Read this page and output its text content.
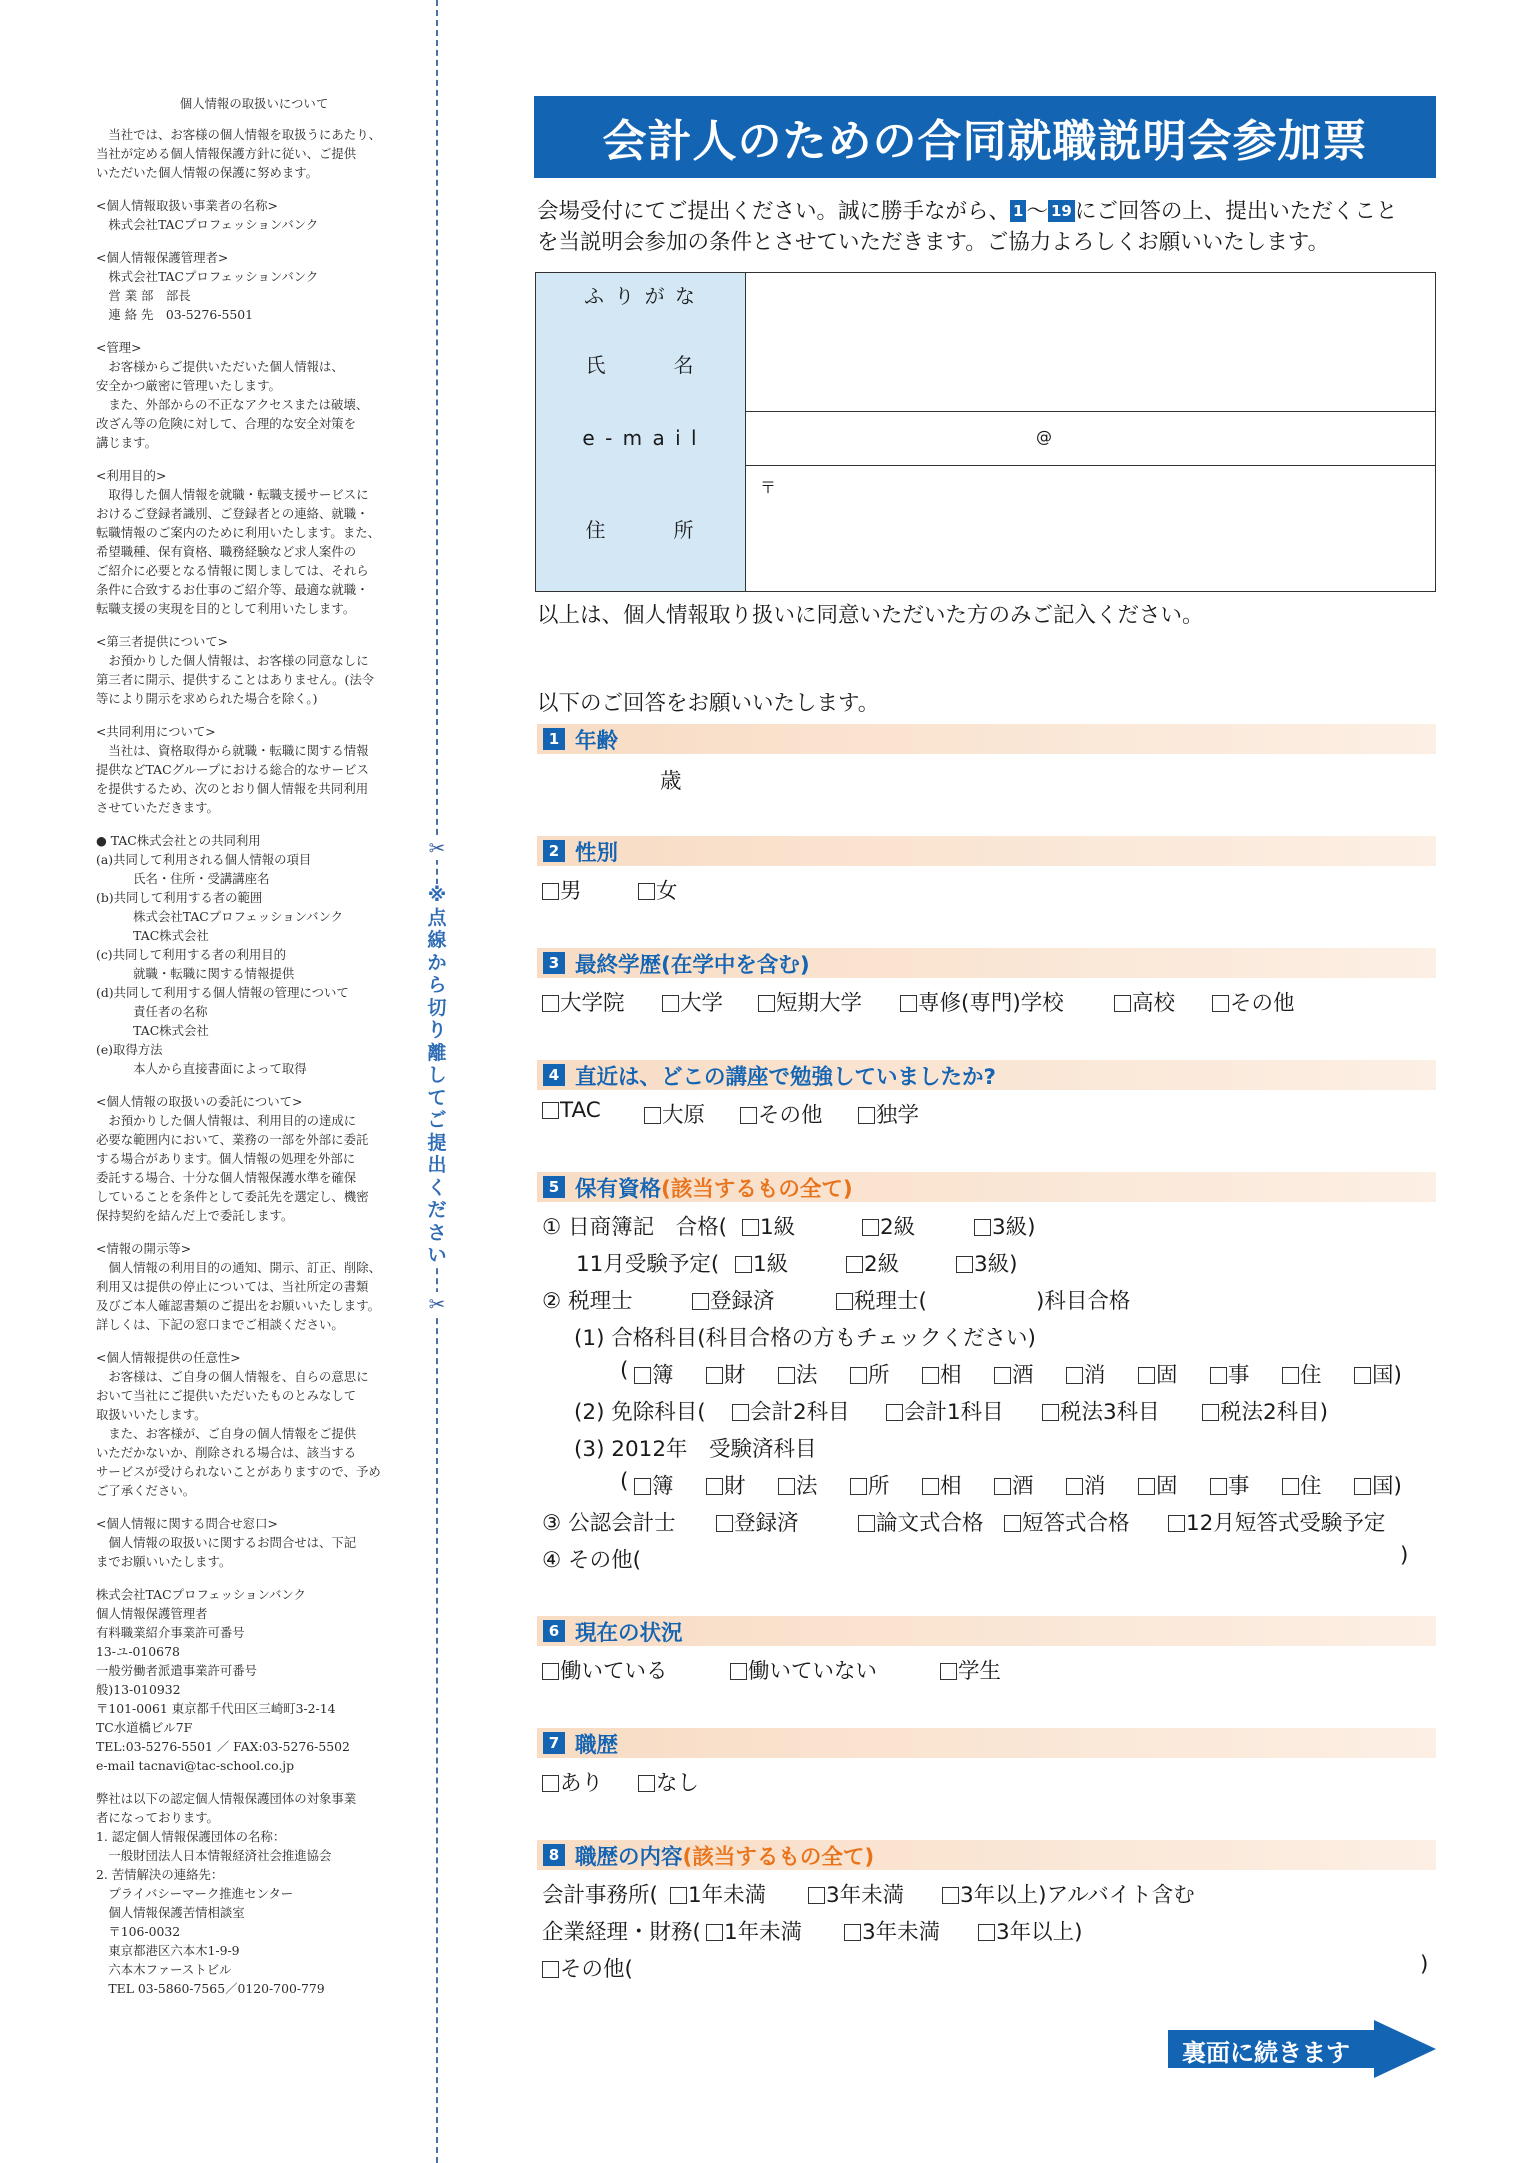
個人情報の取扱いについて
　当社では、お客様の個人情報を取扱うにあたり、
当社が定める個人情報保護方針に従い、ご提供
いただいた個人情報の保護に努めます。
<個人情報取扱い事業者の名称>
　株式会社TACプロフェッションバンク
<個人情報保護管理者>
　株式会社TACプロフェッションバンク
　営 業 部　部長
　連 絡 先　03-5276-5501
<管理>
　お客様からご提供いただいた個人情報は、
安全かつ厳密に管理いたします。
　また、外部からの不正なアクセスまたは破壊、
改ざん等の危険に対して、合理的な安全対策を
講じます。
<利用目的>
　取得した個人情報を就職・転職支援サービスに
おけるご登録者識別、ご登録者との連絡、就職・
転職情報のご案内のために利用いたします。また、
希望職種、保有資格、職務経験など求人案件の
ご紹介に必要となる情報に関しましては、それら
条件に合致するお仕事のご紹介等、最適な就職・
転職支援の実現を目的として利用いたします。
<第三者提供について>
　お預かりした個人情報は、お客様の同意なしに
第三者に開示、提供することはありません。(法令
等により開示を求められた場合を除く。)
<共同利用について>
　当社は、資格取得から就職・転職に関する情報
提供などTACグループにおける総合的なサービス
を提供するため、次のとおり個人情報を共同利用
させていただきます。
● TAC株式会社との共同利用
(a)共同して利用される個人情報の項目
　　　氏名・住所・受講講座名
(b)共同して利用する者の範囲
　　　株式会社TACプロフェッションバンク
　　　TAC株式会社
(c)共同して利用する者の利用目的
　　　就職・転職に関する情報提供
(d)共同して利用する個人情報の管理について
　　　責任者の名称
　　　TAC株式会社
(e)取得方法
　　　本人から直接書面によって取得
<個人情報の取扱いの委託について>
　お預かりした個人情報は、利用目的の達成に
必要な範囲内において、業務の一部を外部に委託
する場合があります。個人情報の処理を外部に
委託する場合、十分な個人情報保護水準を確保
していることを条件として委託先を選定し、機密
保持契約を結んだ上で委託します。
<情報の開示等>
　個人情報の利用目的の通知、開示、訂正、削除、
利用又は提供の停止については、当社所定の書類
及びご本人確認書類のご提出をお願いいたします。
詳しくは、下記の窓口までご相談ください。
<個人情報提供の任意性>
　お客様は、ご自身の個人情報を、自らの意思に
おいて当社にご提供いただいたものとみなして
取扱いいたします。
　また、お客様が、ご自身の個人情報をご提供
いただかないか、削除される場合は、該当する
サービスが受けられないことがありますので、予め
ご了承ください。
<個人情報に関する問合せ窓口>
　個人情報の取扱いに関するお問合せは、下記
までお願いいたします。
株式会社TACプロフェッションバンク
個人情報保護管理者
有料職業紹介事業許可番号
13-ユ-010678
一般労働者派遣事業許可番号
般)13-010932
〒101-0061 東京都千代田区三崎町3-2-14
TC水道橋ビル7F
TEL:03-5276-5501 ／ FAX:03-5276-5502
e-mail tacnavi@tac-school.co.jp
弊社は以下の認定個人情報保護団体の対象事業
者になっております。
1. 認定個人情報保護団体の名称：
　一般財団法人日本情報経済社会推進協会
2. 苦情解決の連絡先：
　プライバシーマーク推進センター
　個人情報保護苦情相談室
　〒106-0032
　東京都港区六本木1-9-9
　六本木ファーストビル
　TEL 03-5860-7565／0120-700-779
✂
✂
※
点
線
か
ら
切
り
離
し
て
ご
提
出
く
だ
さ
い
会計人のための合同就職説明会参加票
会場受付にてご提出ください。誠に勝手ながら、 1 ～ 19 にご回答の上、提出いただくこと
を当説明会参加の条件とさせていただきます。ご協力よろしくお願いいたします。
ふ り が な
氏　　　名
e - m a i l	@
住　　　所
〒
以上は、個人情報取り扱いに同意いただいた方のみご記入ください。
以下のご回答をお願いいたします。
1 年齢
歳
2 性別
男	女
3 最終学歴(在学中を含む)
大学院	大学	短期大学	専修(専門)学校	高校	その他
4 直近は、どこの講座で勉強していましたか?
TAC	大原	その他	独学
5 保有資格 (該当するもの全て)
① 日商簿記　合格(	1級	2級	3級)
11月受験予定(	1級	2級	3級)
② 税理士	登録済	税理士(	)科目合格
(1) 合格科目(科目合格の方もチェックください)
(	簿	財	法	所	相	酒	消	固	事	住	国)
(2) 免除科目(	会計2科目	会計1科目	税法3科目	税法2科目)
(3) 2012年　受験済科目
(	簿	財	法	所	相	酒	消	固	事	住	国)
③ 公認会計士	登録済	論文式合格	短答式合格	12月短答式受験予定
④ その他(	)
6 現在の状況
働いている	働いていない	学生
7 職歴
あり	なし
8 職歴の内容 (該当するもの全て)
会計事務所(	1年未満	3年未満	3年以上)アルバイト含む
企業経理・財務(	1年未満	3年未満	3年以上)
その他(	)
裏面に続きます
